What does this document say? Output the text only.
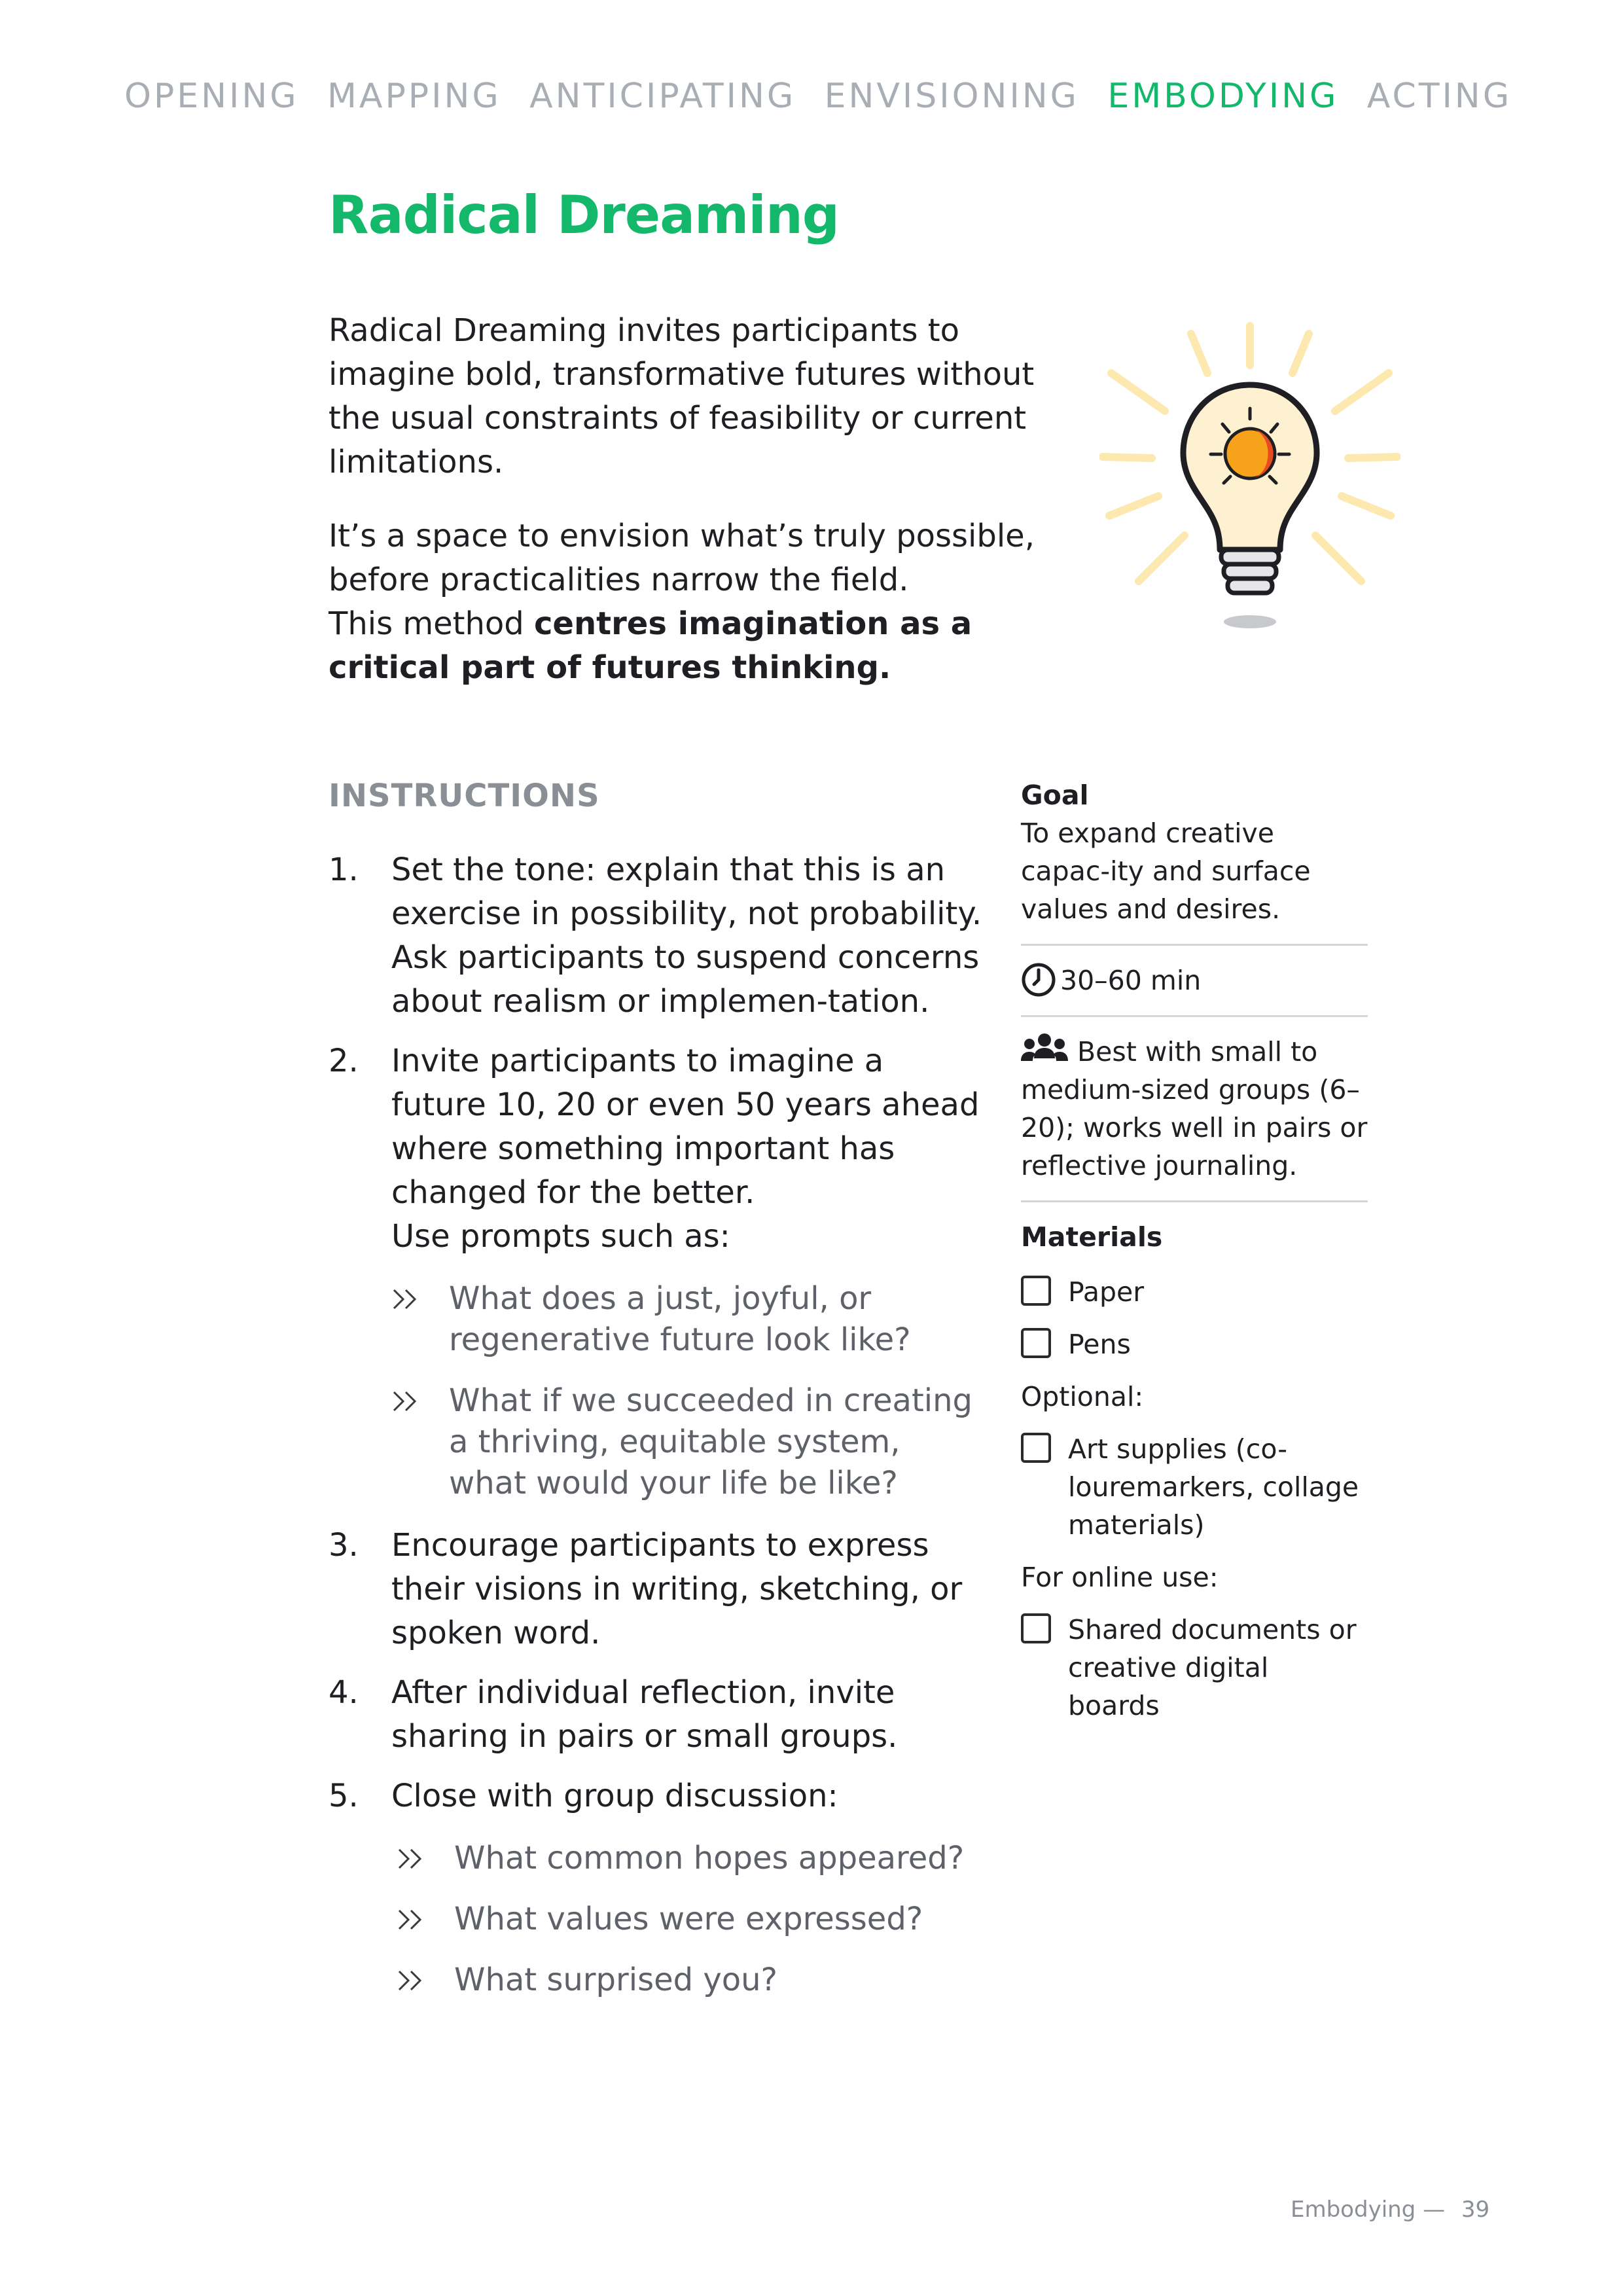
OPENING MAPPING ANTICIPATING ENVISIONING EMBODYING ACTING
Radical Dreaming

Radical Dreaming invites participants to imagine bold, transformative futures without the usual constraints of feasibility or current limitations.

It’s a space to envision what’s truly possible, before practicalities narrow the field.
This method centres imagination as a critical part of futures thinking.

INSTRUCTIONS
1. Set the tone: explain that this is an exercise in possibility, not probability. Ask participants to suspend concerns about realism or implemen-tation.
2. Invite participants to imagine a future 10, 20 or even 50 years ahead where something important has changed for the better.
Use prompts such as:
What does a just, joyful, or regenerative future look like?
What if we succeeded in creating a thriving, equitable system, what would your life be like?
3. Encourage participants to express their visions in writing, sketching, or spoken word.
4. After individual reflection, invite sharing in pairs or small groups.
5. Close with group discussion:
What common hopes appeared?
What values were expressed?
What surprised you?
Goal
To expand creative capac-ity and surface values and desires.
30–60 min
Best with small to medium-sized groups (6–20); works well in pairs or reflective journaling.
Materials
Paper
Pens
Optional:
Art supplies (co-louremarkers, collage materials)
For online use:
Shared documents or creative digital boards
Embodying — 39
